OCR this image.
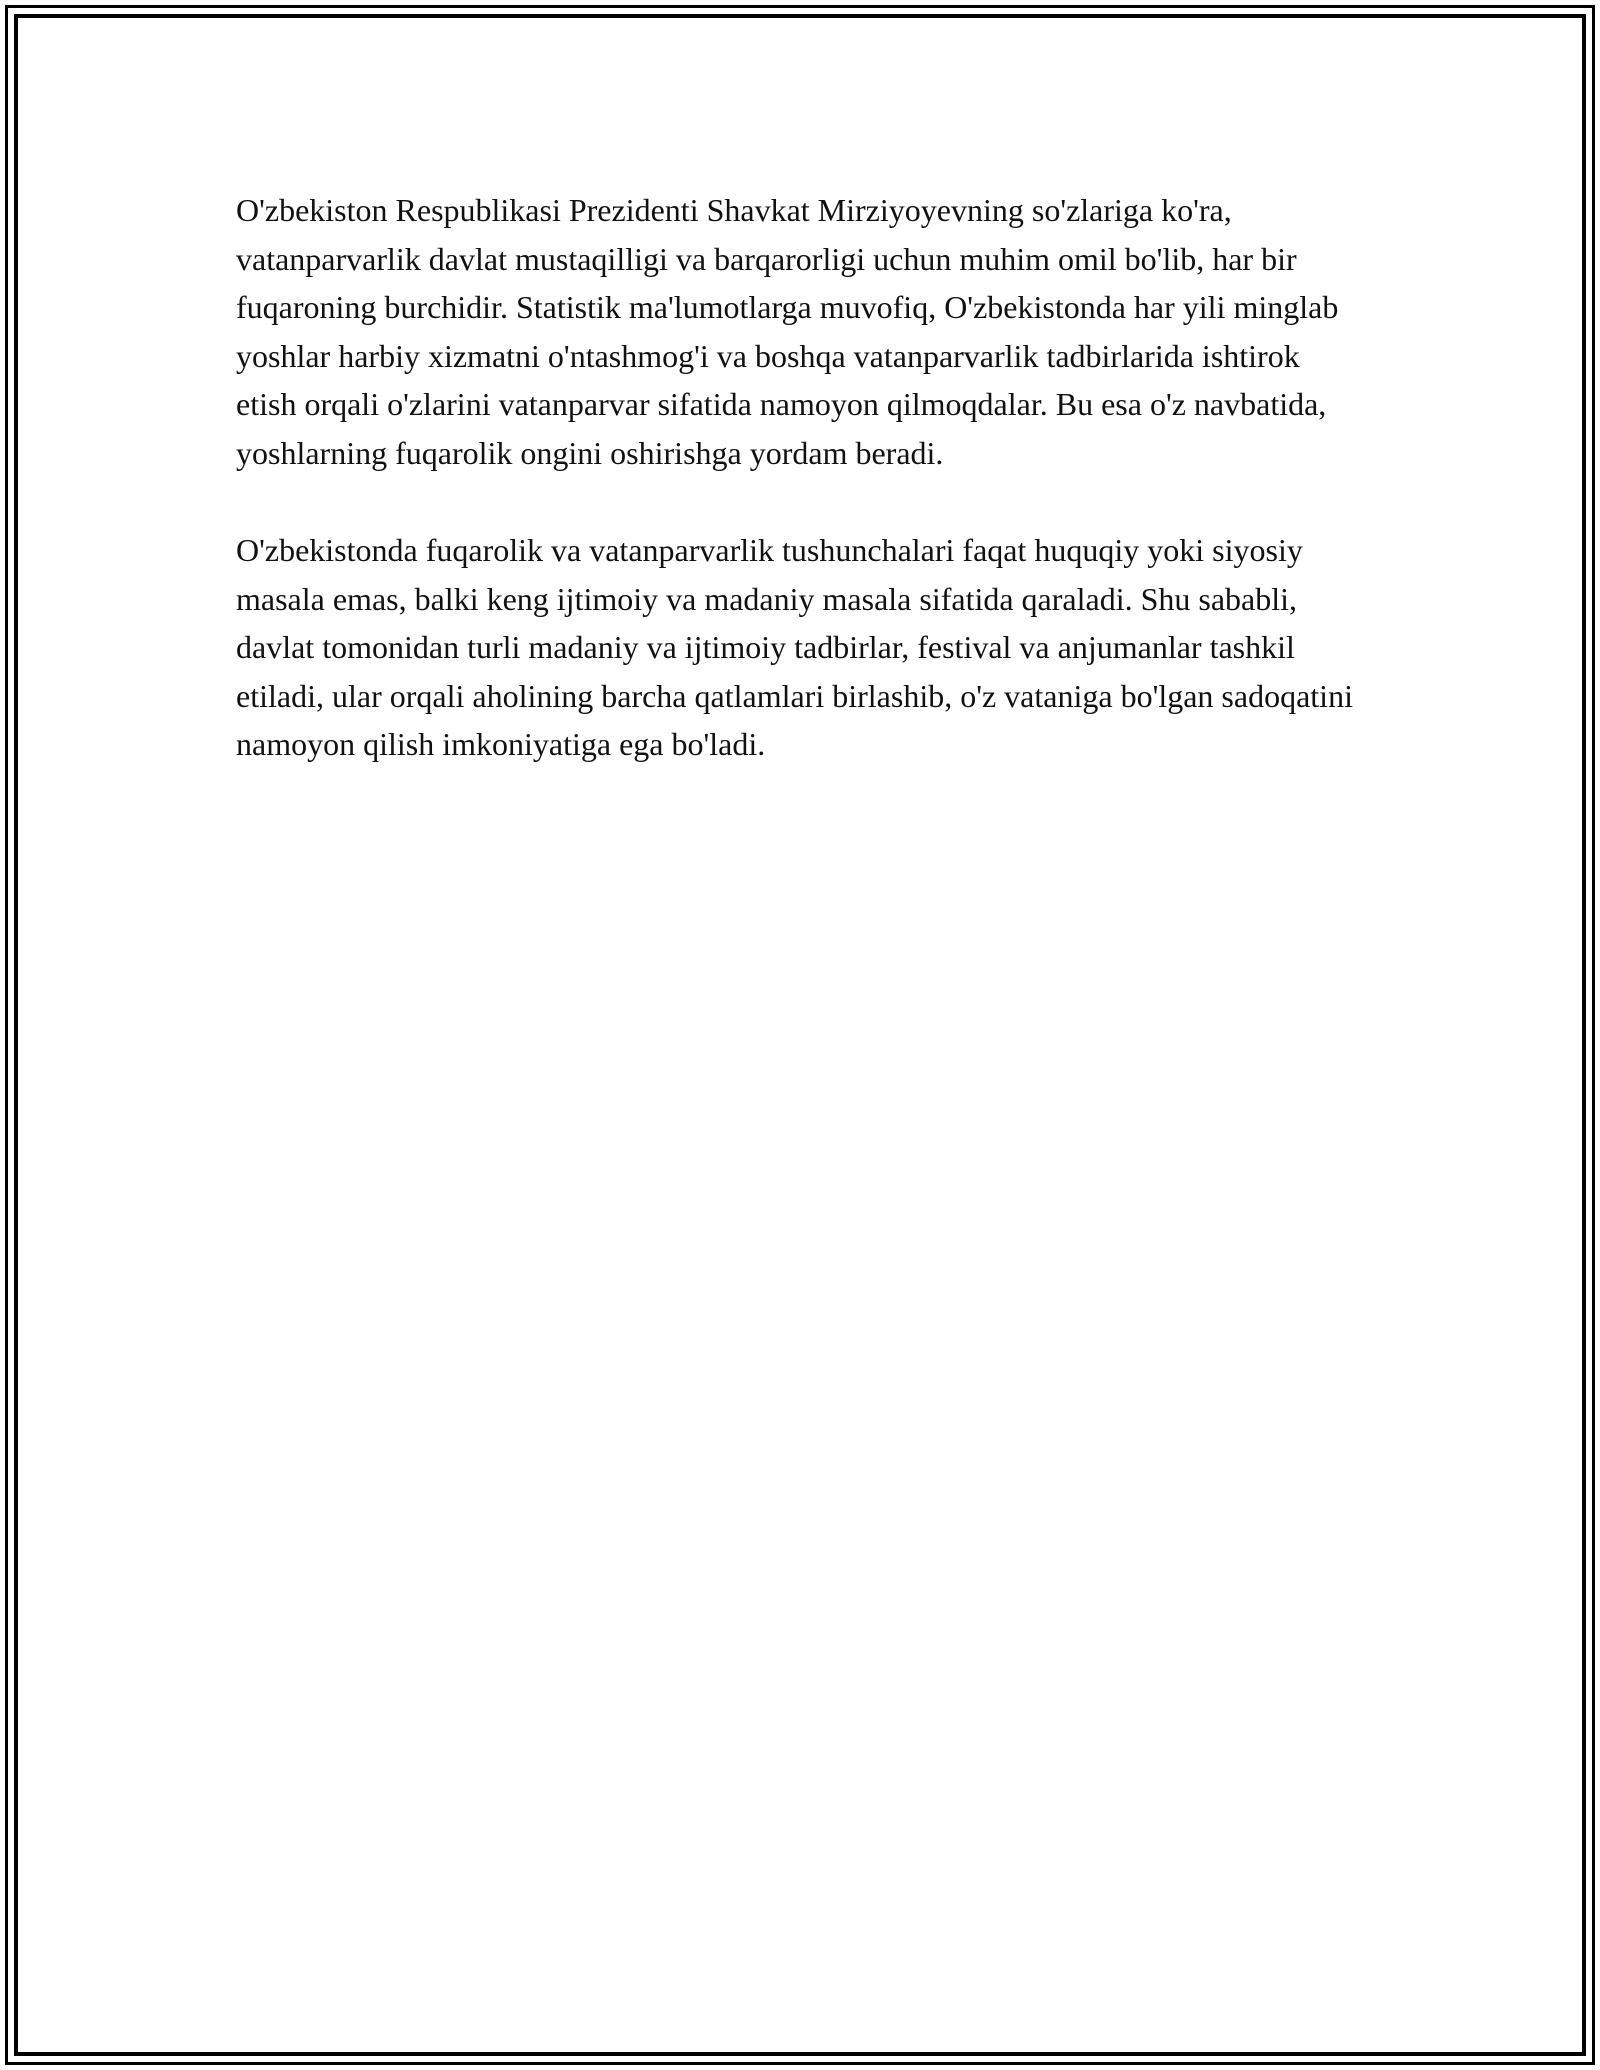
O'zbekiston Respublikasi Prezidenti Shavkat Mirziyoyevning so'zlariga ko'ra, vatanparvarlik davlat mustaqilligi va barqarorligi uchun muhim omil bo'lib, har bir fuqaroning burchidir. Statistik ma'lumotlarga muvofiq, O'zbekistonda har yili minglab yoshlar harbiy xizmatni o'ntashmog'i va boshqa vatanparvarlik tadbirlarida ishtirok etish orqali o'zlarini vatanparvar sifatida namoyon qilmoqdalar. Bu esa o'z navbatida, yoshlarning fuqarolik ongini oshirishga yordam beradi.

O'zbekistonda fuqarolik va vatanparvarlik tushunchalari faqat huquqiy yoki siyosiy masala emas, balki keng ijtimoiy va madaniy masala sifatida qaraladi. Shu sababli, davlat tomonidan turli madaniy va ijtimoiy tadbirlar, festival va anjumanlar tashkil etiladi, ular orqali aholining barcha qatlamlari birlashib, o'z vataniga bo'lgan sadoqatini namoyon qilish imkoniyatiga ega bo'ladi.
